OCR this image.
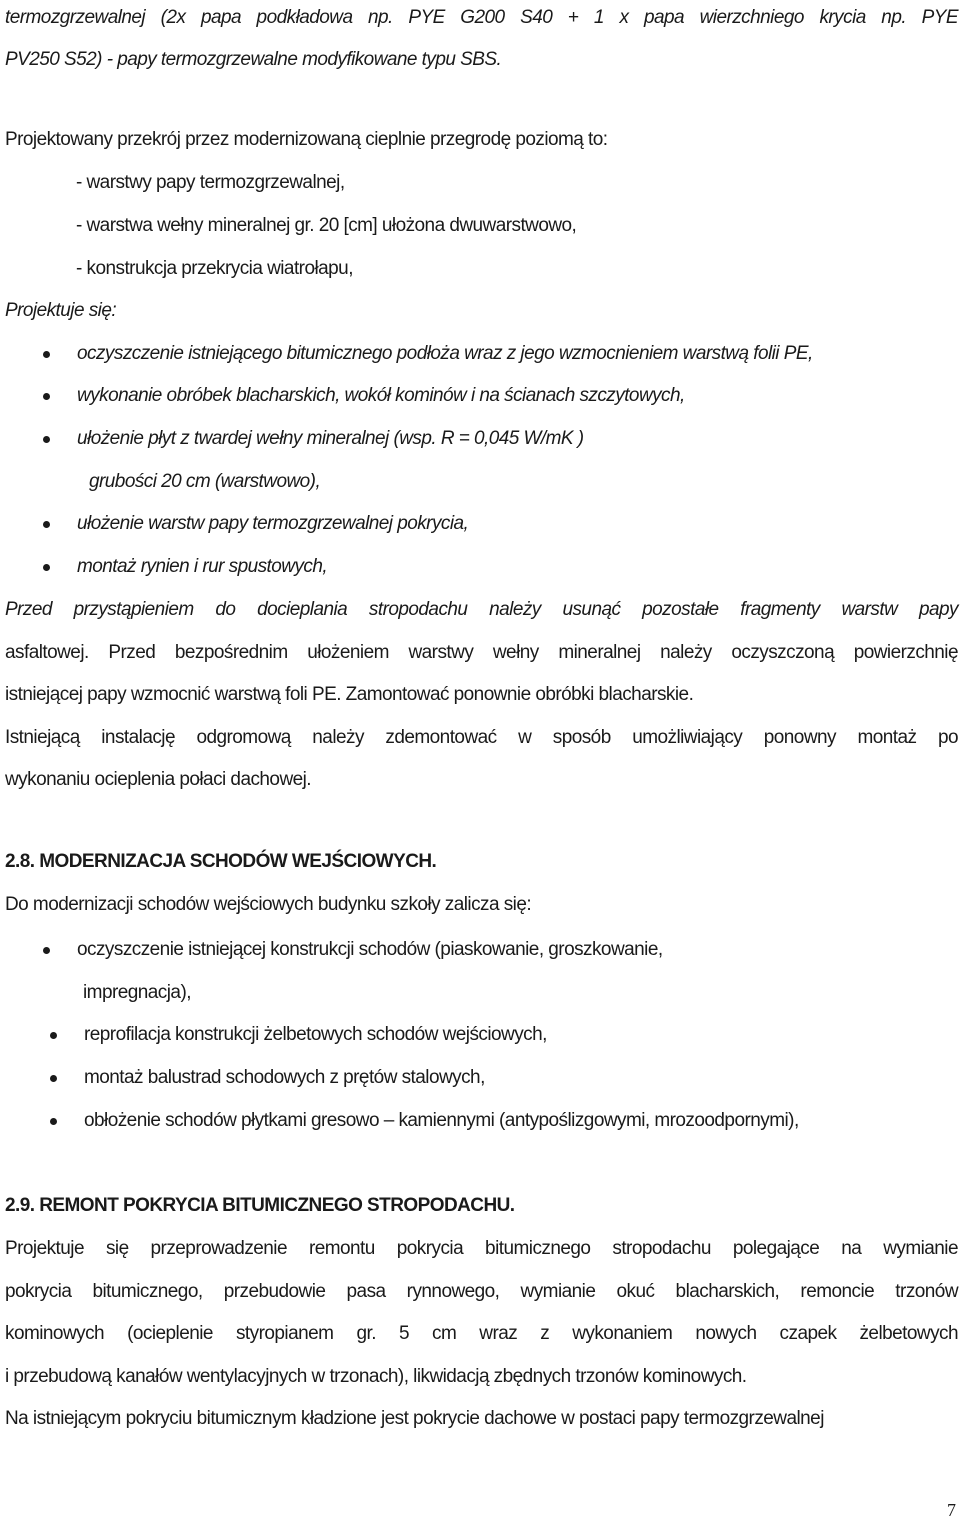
termozgrzewalnej (2x papa podkładowa np. PYE G200 S40 + 1 x papa wierzchniego krycia np. PYE
PV250 S52) - papy termozgrzewalne modyfikowane typu SBS.
Projektowany przekrój przez modernizowaną cieplnie przegrodę poziomą to:
- warstwy papy termozgrzewalnej,
- warstwa wełny mineralnej gr. 20 [cm] ułożona dwuwarstwowo,
- konstrukcja przekrycia wiatrołapu,
Projektuje się:
oczyszczenie istniejącego bitumicznego podłoża wraz z jego wzmocnieniem warstwą folii PE,
wykonanie obróbek blacharskich, wokół kominów i na ścianach szczytowych,
ułożenie płyt z twardej wełny mineralnej (wsp. R = 0,045 W/mK )
grubości 20 cm (warstwowo),
ułożenie warstw papy termozgrzewalnej pokrycia,
montaż rynien i rur spustowych,
Przed przystąpieniem do docieplania stropodachu należy usunąć pozostałe fragmenty warstw papy
asfaltowej. Przed bezpośrednim ułożeniem warstwy wełny mineralnej należy oczyszczoną powierzchnię
istniejącej papy wzmocnić warstwą foli PE. Zamontować ponownie obróbki blacharskie.
Istniejącą instalację odgromową należy zdemontować w sposób umożliwiający ponowny montaż po
wykonaniu ocieplenia połaci dachowej.
2.8. MODERNIZACJA SCHODÓW WEJŚCIOWYCH.
Do modernizacji schodów wejściowych budynku szkoły zalicza się:
oczyszczenie istniejącej konstrukcji schodów (piaskowanie, groszkowanie,
impregnacja),
reprofilacja konstrukcji żelbetowych schodów wejściowych,
montaż balustrad schodowych z prętów stalowych,
obłożenie schodów płytkami gresowo – kamiennymi (antypoślizgowymi, mrozoodpornymi),
2.9. REMONT POKRYCIA BITUMICZNEGO STROPODACHU.
Projektuje się przeprowadzenie remontu pokrycia bitumicznego stropodachu polegające na wymianie
pokrycia bitumicznego, przebudowie pasa rynnowego, wymianie okuć blacharskich, remoncie trzonów
kominowych (ocieplenie styropianem gr. 5 cm wraz z wykonaniem nowych czapek żelbetowych
i przebudową kanałów wentylacyjnych w trzonach), likwidacją zbędnych trzonów kominowych.
Na istniejącym pokryciu bitumicznym kładzione jest pokrycie dachowe w postaci papy termozgrzewalnej
7
